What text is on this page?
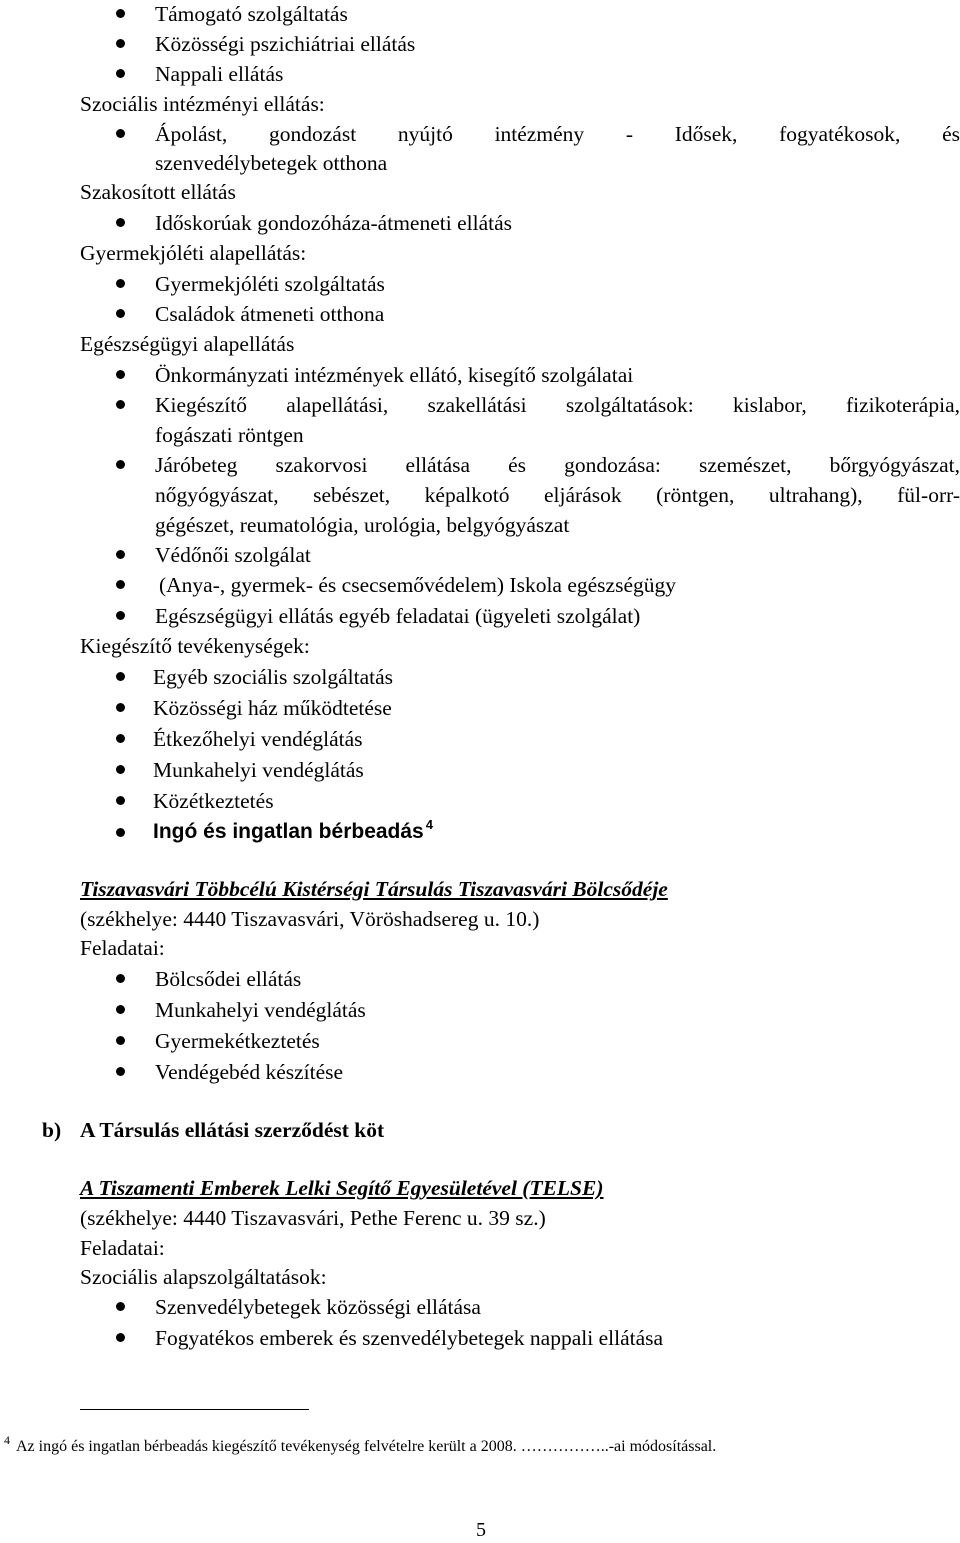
Támogató szolgáltatás
Közösségi pszichiátriai ellátás
Nappali ellátás
Szociális intézményi ellátás:
Ápolást, gondozást nyújtó intézmény - Idősek, fogyatékosok, és
szenvedélybetegek otthona
Szakosított ellátás
Időskorúak gondozóháza-átmeneti ellátás
Gyermekjóléti alapellátás:
Gyermekjóléti szolgáltatás
Családok átmeneti otthona
Egészségügyi alapellátás
Önkormányzati intézmények ellátó, kisegítő szolgálatai
Kiegészítő alapellátási, szakellátási szolgáltatások: kislabor, fizikoterápia,
fogászati röntgen
Járóbeteg szakorvosi ellátása és gondozása: szemészet, bőrgyógyászat,
nőgyógyászat, sebészet, képalkotó eljárások (röntgen, ultrahang), fül-orr-
gégészet, reumatológia, urológia, belgyógyászat
Védőnői szolgálat
(Anya-, gyermek- és csecsemővédelem) Iskola egészségügy
Egészségügyi ellátás egyéb feladatai (ügyeleti szolgálat)
Kiegészítő tevékenységek:
Egyéb szociális szolgáltatás
Közösségi ház működtetése
Étkezőhelyi vendéglátás
Munkahelyi vendéglátás
Közétkeztetés
Ingó és ingatlan bérbeadás $^4$
Tiszavasvári Többcélú Kistérségi Társulás Tiszavasvári Bölcsődéje
(székhelye: 4440 Tiszavasvári, Vöröshadsereg u. 10.)
Feladatai:
Bölcsődei ellátás
Munkahelyi vendéglátás
Gyermekétkeztetés
Vendégebéd készítése
b) A Társulás ellátási szerződést köt
A Tiszamenti Emberek Lelki Segítő Egyesületével (TELSE)
(székhelye: 4440 Tiszavasvári, Pethe Ferenc u. 39 sz.)
Feladatai:
Szociális alapszolgáltatások:
Szenvedélybetegek közösségi ellátása
Fogyatékos emberek és szenvedélybetegek nappali ellátása
$^4$ Az ingó és ingatlan bérbeadás kiegészítő tevékenység felvételre került a 2008. ……………..-ai módosítással.
5
